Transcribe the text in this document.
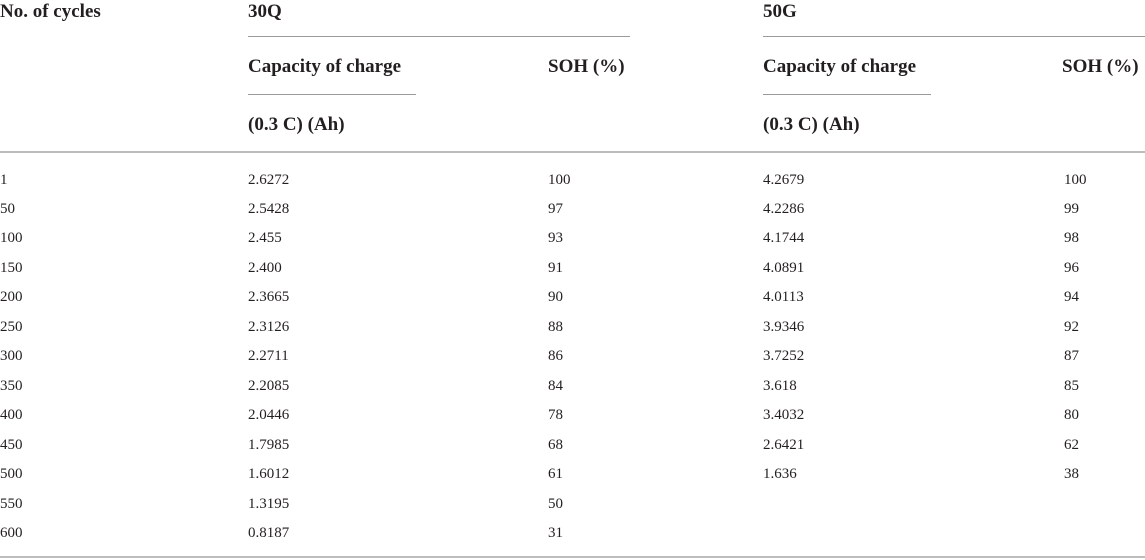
No. of cycles	30Q	50G
Capacity of charge	SOH (%)	Capacity of charge	SOH (%)
(0.3 C) (Ah)	(0.3 C) (Ah)
1	2.6272	100	4.2679	100
50	2.5428	97	4.2286	99
100	2.455	93	4.1744	98
150	2.400	91	4.0891	96
200	2.3665	90	4.0113	94
250	2.3126	88	3.9346	92
300	2.2711	86	3.7252	87
350	2.2085	84	3.618	85
400	2.0446	78	3.4032	80
450	1.7985	68	2.6421	62
500	1.6012	61	1.636	38
550	1.3195	50
600	0.8187	31
